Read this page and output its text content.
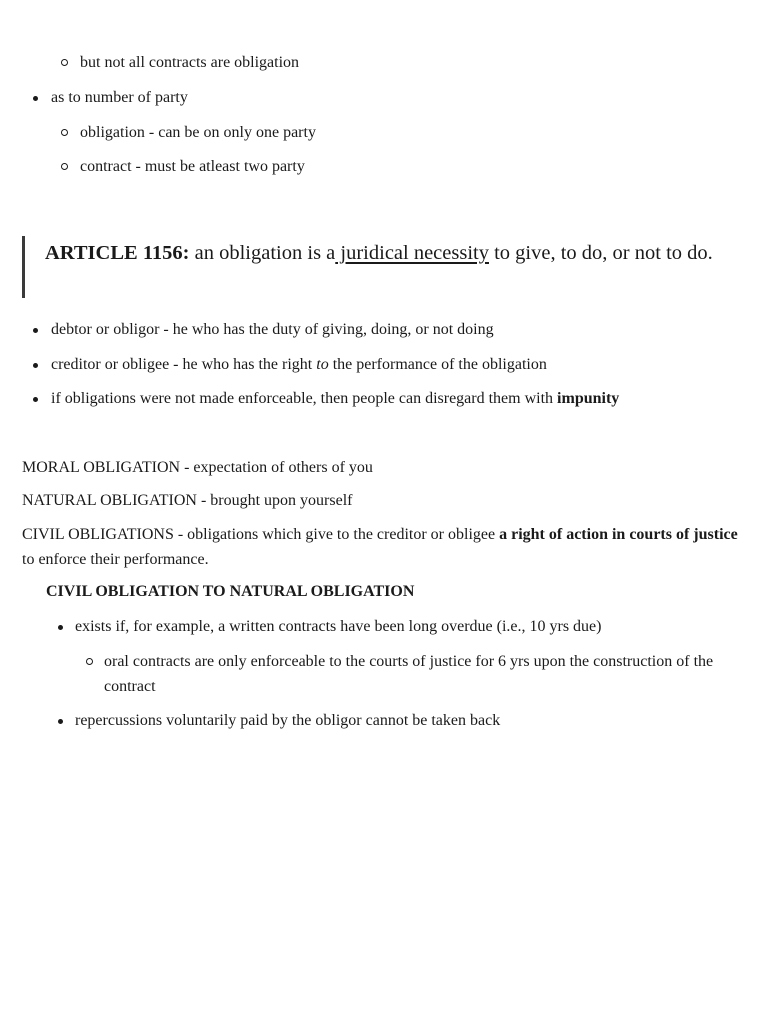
but not all contracts are obligation
as to number of party
obligation - can be on only one party
contract - must be atleast two party
ARTICLE 1156: an obligation is a juridical necessity to give, to do, or not to do.
debtor or obligor - he who has the duty of giving, doing, or not doing
creditor or obligee - he who has the right to the performance of the obligation
if obligations were not made enforceable, then people can disregard them with impunity
MORAL OBLIGATION - expectation of others of you
NATURAL OBLIGATION - brought upon yourself
CIVIL OBLIGATIONS - obligations which give to the creditor or obligee a right of action in courts of justice to enforce their performance.
CIVIL OBLIGATION TO NATURAL OBLIGATION
exists if, for example, a written contracts have been long overdue (i.e., 10 yrs due)
oral contracts are only enforceable to the courts of justice for 6 yrs upon the construction of the contract
repercussions voluntarily paid by the obligor cannot be taken back
